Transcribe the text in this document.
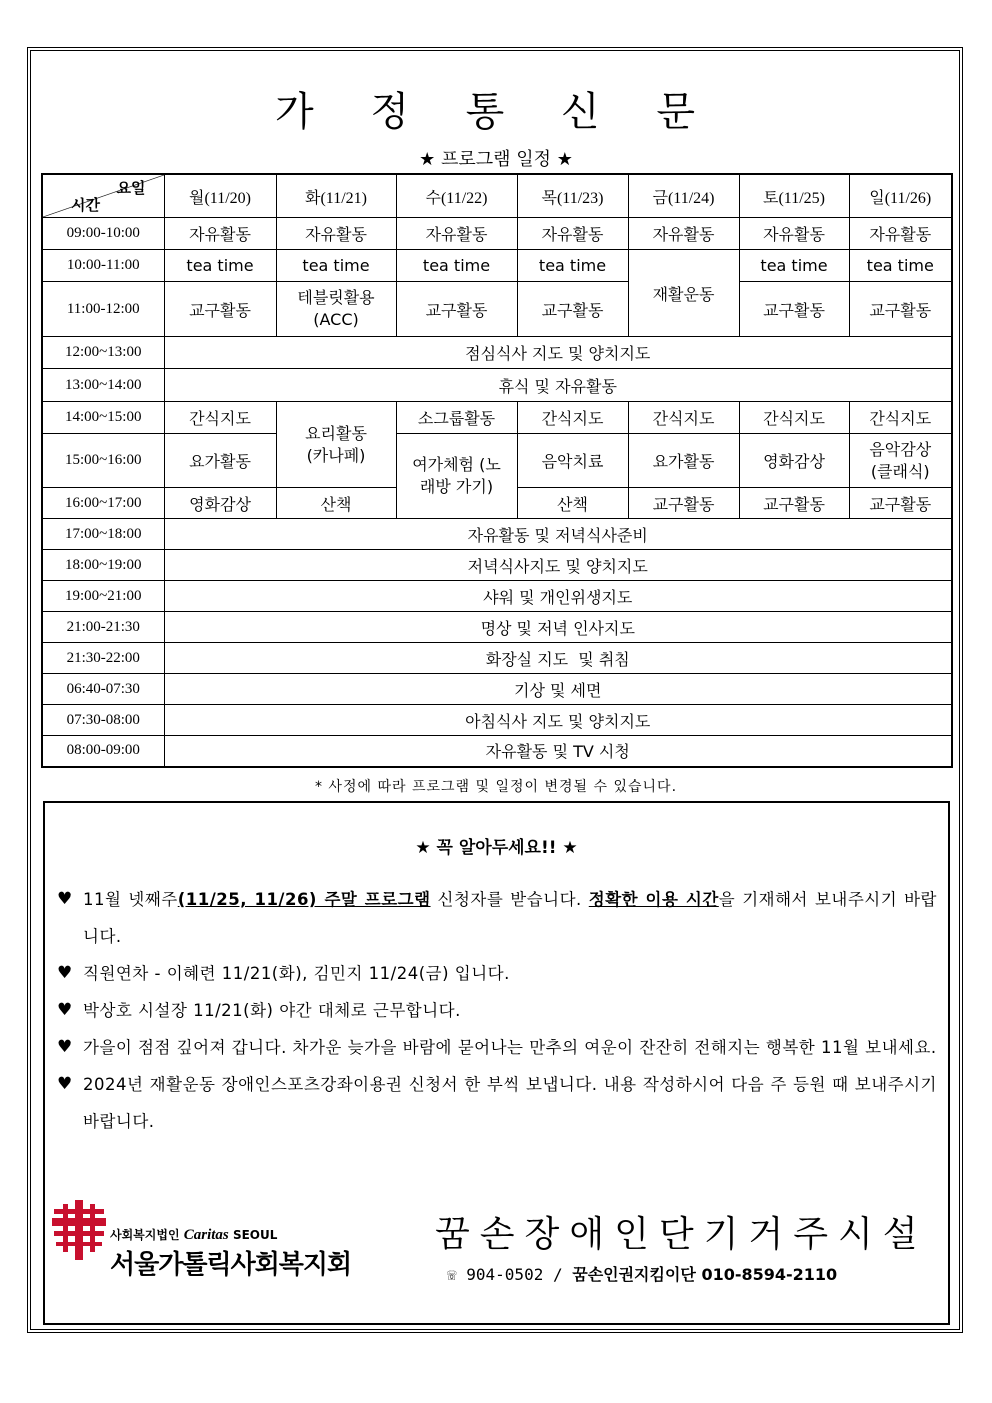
가 정 통 신 문
★ 프로그램 일정 ★
요일
시간	월(11/20)	화(11/21)	수(11/22)	목(11/23)	금(11/24)	토(11/25)	일(11/26)
09:00-10:00	자유활동	자유활동	자유활동	자유활동	자유활동	자유활동	자유활동
10:00-11:00	tea time	tea time	tea time	tea time	재활운동	tea time	tea time
11:00-12:00	교구활동	테블릿활용 (ACC)	교구활동	교구활동		교구활동	교구활동
12:00~13:00	점심식사 지도 및 양치지도						
13:00~14:00	휴식 및 자유활동						
14:00~15:00	간식지도	요리활동 (카나페)	소그룹활동	간식지도	간식지도	간식지도	간식지도
15:00~16:00	요가활동		여가체험 (노래방 가기)	음악치료	요가활동	영화감상	음악감상 (클래식)
16:00~17:00	영화감상	산책		산책	교구활동	교구활동	교구활동
17:00~18:00	자유활동 및 저녁식사준비						
18:00~19:00	저녁식사지도 및 양치지도						
19:00~21:00	샤워 및 개인위생지도						
21:00-21:30	명상 및 저녁 인사지도						
21:30-22:00	화장실 지도  및 취침						
06:40-07:30	기상 및 세면						
07:30-08:00	아침식사 지도 및 양치지도						
08:00-09:00	자유활동 및 TV 시청						
* 사정에 따라 프로그램 및 일정이 변경될 수 있습니다.
★ 꼭 알아두세요!! ★
♥ 11월 넷째주(11/25, 11/26) 주말 프로그램 신청자를 받습니다. 정확한 이용 시간을 기재해서 보내주시기 바랍니다.
♥ 직원연차 - 이혜련 11/21(화), 김민지 11/24(금) 입니다.
♥ 박상호 시설장 11/21(화) 야간 대체로 근무합니다.
♥ 가을이 점점 깊어져 갑니다. 차가운 늦가을 바람에 묻어나는 만추의 여운이 잔잔히 전해지는 행복한 11월 보내세요.
♥ 2024년 재활운동 장애인스포츠강좌이용권 신청서 한 부씩 보냅니다. 내용 작성하시어 다음 주 등원 때 보내주시기 바랍니다.
사회복지법인 Caritas SEOUL
서울가톨릭사회복지회
꿈손장애인단기거주시설
☏ 904-0502 / 꿈손인권지킴이단 010-8594-2110
